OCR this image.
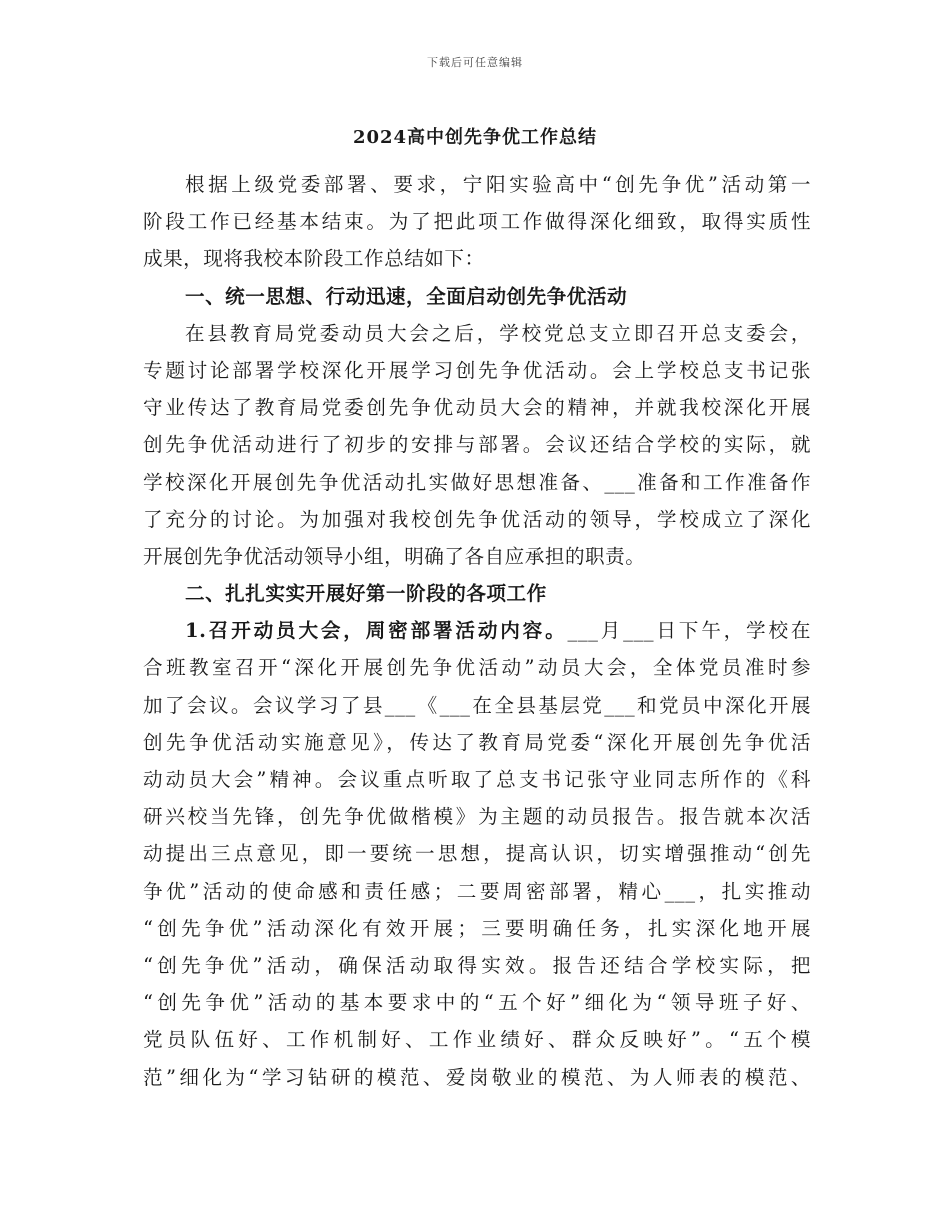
下载后可任意编辑
2024高中创先争优工作总结
根据上级党委部署、要求，宁阳实验高中“创先争优”活动第一
阶段工作已经基本结束。为了把此项工作做得深化细致，取得实质性
成果，现将我校本阶段工作总结如下：
一、统一思想、行动迅速，全面启动创先争优活动
在县教育局党委动员大会之后，学校党总支立即召开总支委会，
专题讨论部署学校深化开展学习创先争优活动。会上学校总支书记张
守业传达了教育局党委创先争优动员大会的精神，并就我校深化开展
创先争优活动进行了初步的安排与部署。会议还结合学校的实际，就
学校深化开展创先争优活动扎实做好思想准备、___准备和工作准备作
了充分的讨论。为加强对我校创先争优活动的领导，学校成立了深化
开展创先争优活动领导小组，明确了各自应承担的职责。
二、扎扎实实开展好第一阶段的各项工作
1.召开动员大会，周密部署活动内容。___月___日下午，学校在
合班教室召开“深化开展创先争优活动”动员大会，全体党员准时参
加了会议。会议学习了县___《___在全县基层党___和党员中深化开展
创先争优活动实施意见》，传达了教育局党委“深化开展创先争优活
动动员大会”精神。会议重点听取了总支书记张守业同志所作的《科
研兴校当先锋，创先争优做楷模》为主题的动员报告。报告就本次活
动提出三点意见，即一要统一思想，提高认识，切实增强推动“创先
争优”活动的使命感和责任感；二要周密部署，精心___，扎实推动
“创先争优”活动深化有效开展；三要明确任务，扎实深化地开展
“创先争优”活动，确保活动取得实效。报告还结合学校实际，把
“创先争优”活动的基本要求中的“五个好”细化为“领导班子好、
党员队伍好、工作机制好、工作业绩好、群众反映好”。“五个模
范”细化为“学习钻研的模范、爱岗敬业的模范、为人师表的模范、
